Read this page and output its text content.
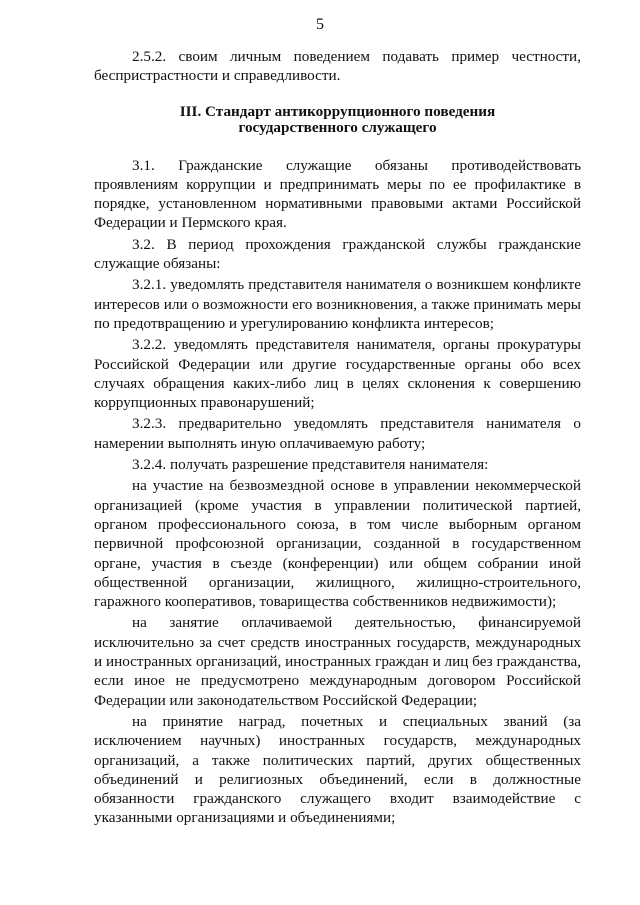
5

2.5.2. своим личным поведением подавать пример честности, беспристрастности и справедливости.

III. Стандарт антикоррупционного поведения
государственного служащего

3.1. Гражданские служащие обязаны противодействовать проявлениям коррупции и предпринимать меры по ее профилактике в порядке, установленном нормативными правовыми актами Российской Федерации и Пермского края.

3.2. В период прохождения гражданской службы гражданские служащие обязаны:

3.2.1. уведомлять представителя нанимателя о возникшем конфликте интересов или о возможности его возникновения, а также принимать меры по предотвращению и урегулированию конфликта интересов;

3.2.2. уведомлять представителя нанимателя, органы прокуратуры Российской Федерации или другие государственные органы обо всех случаях обращения каких-либо лиц в целях склонения к совершению коррупционных правонарушений;

3.2.3. предварительно уведомлять представителя нанимателя о намерении выполнять иную оплачиваемую работу;

3.2.4. получать разрешение представителя нанимателя:

на участие на безвозмездной основе в управлении некоммерческой организацией (кроме участия в управлении политической партией, органом профессионального союза, в том числе выборным органом первичной профсоюзной организации, созданной в государственном органе, участия в съезде (конференции) или общем собрании иной общественной организации, жилищного, жилищно-строительного, гаражного кооперативов, товарищества собственников недвижимости);

на занятие оплачиваемой деятельностью, финансируемой исключительно за счет средств иностранных государств, международных и иностранных организаций, иностранных граждан и лиц без гражданства, если иное не предусмотрено международным договором Российской Федерации или законодательством Российской Федерации;

на принятие наград, почетных и специальных званий (за исключением научных) иностранных государств, международных организаций, а также политических партий, других общественных объединений и религиозных объединений, если в должностные обязанности гражданского служащего входит взаимодействие с указанными организациями и объединениями;
